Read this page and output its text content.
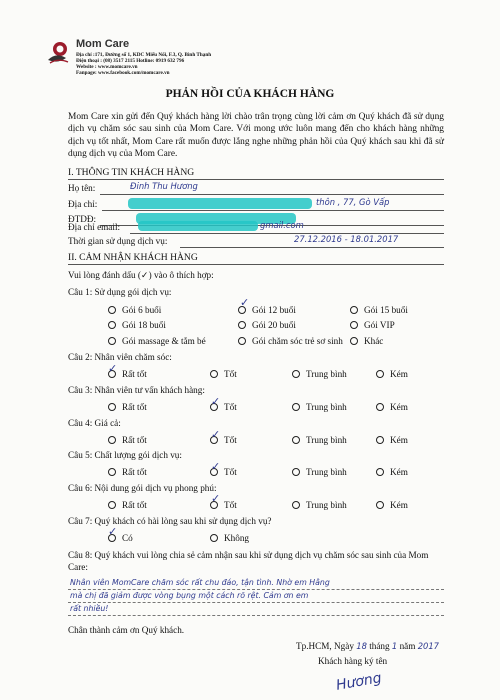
Mom Care
Địa chỉ :171, Đường số 1, KDC Miếu Nổi, F.3, Q. Bình Thạnh
Điện thoại : (08) 3517 2115 Hotline: 0919 632 796
Website : www.momcare.vn
Fanpage: www.facebook.com/momcare.vn
PHẢN HỒI CỦA KHÁCH HÀNG
Mom Care xin gửi đến Quý khách hàng lời chào trân trọng cùng lời cảm ơn Quý khách đã sử dụng dịch vụ chăm sóc sau sinh của Mom Care. Với mong ước luôn mang đến cho khách hàng những dịch vụ tốt nhất, Mom Care rất muốn được lắng nghe những phản hồi của Quý khách sau khi đã sử dụng dịch vụ của Mom Care.
I. THÔNG TIN KHÁCH HÀNG
Họ tên:	Đinh Thu Hương
Địa chỉ:	thôn , 77, Gò Vấp
ĐTDĐ:
Địa chỉ email:	gmail.com
Thời gian sử dụng dịch vụ:	27.12.2016 - 18.01.2017
II. CẢM NHẬN KHÁCH HÀNG
Vui lòng đánh dấu (✓) vào ô thích hợp:
Câu 1: Sử dụng gói dịch vụ:
Gói 6 buổi	Gói 12 buổi	Gói 15 buổi
Gói 18 buổi	Gói 20 buổi	Gói VIP
Gói massage & tắm bé	Gói chăm sóc trẻ sơ sinh	Khác
✓
Câu 2: Nhân viên chăm sóc:
Rất tốt	Tốt	Trung bình	Kém
✓
Câu 3: Nhân viên tư vấn khách hàng:
Rất tốt	Tốt	Trung bình	Kém
✓
Câu 4: Giá cả:
Rất tốt	Tốt	Trung bình	Kém
✓
Câu 5: Chất lượng gói dịch vụ:
Rất tốt	Tốt	Trung bình	Kém
✓
Câu 6: Nội dung gói dịch vụ phong phú:
Rất tốt	Tốt	Trung bình	Kém
✓
Câu 7: Quý khách có hài lòng sau khi sử dụng dịch vụ?
Có	Không
✓
Câu 8: Quý khách vui lòng chia sẻ cảm nhận sau khi sử dụng dịch vụ chăm sóc sau sinh của Mom Care:
Nhân viên MomCare chăm sóc rất chu đáo, tận tình. Nhờ em Hằng
mà chị đã giảm được vòng bụng một cách rõ rệt. Cảm ơn em
rất nhiều!
Chân thành cảm ơn Quý khách.
Tp.HCM, Ngày 18 tháng 1 năm 2017
Khách hàng ký tên
Hương
